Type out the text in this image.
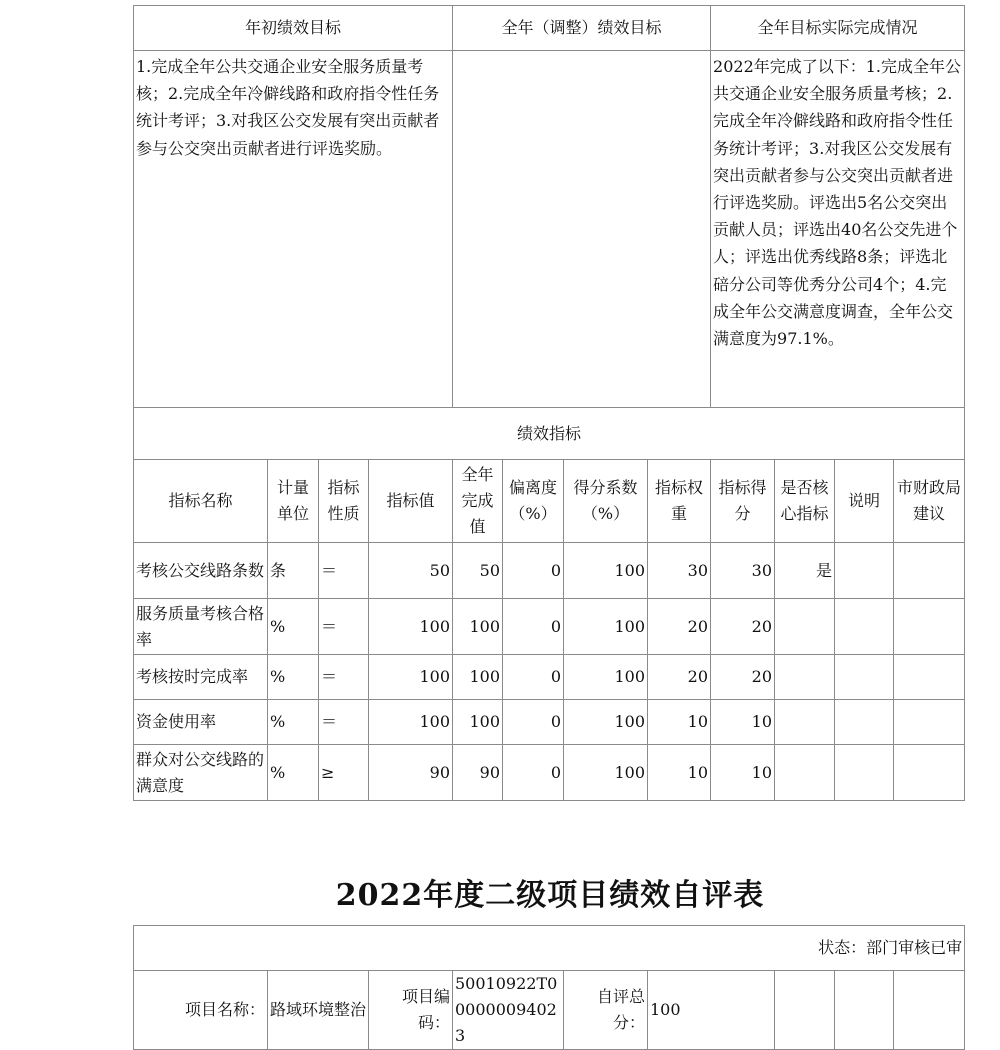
年初绩效目标				全年（调整）绩效目标				全年目标实际完成情况			
1.完成全年公共交通企业安全服务质量考核；2.完成全年冷僻线路和政府指令性任务统计考评；3.对我区公交发展有突出贡献者参与公交突出贡献者进行评选奖励。								2022年完成了以下：1.完成全年公共交通企业安全服务质量考核；2.完成全年冷僻线路和政府指令性任务统计考评；3.对我区公交发展有突出贡献者参与公交突出贡献者进行评选奖励。评选出5名公交突出贡献人员；评选出40名公交先进个人；评选出优秀线路8条；评选北碚分公司等优秀分公司4个；4.完成全年公交满意度调查，全年公交满意度为97.1%。			
绩效指标											
指标名称	计量单位	指标性质	指标值	全年完成值	偏离度（%）	得分系数（%）	指标权重	指标得分	是否核心指标	说明	市财政局建议
考核公交线路条数	条	＝	50	50	0	100	30	30	是		
服务质量考核合格率	%	＝	100	100	0	100	20	20			
考核按时完成率	%	＝	100	100	0	100	20	20			
资金使用率	%	＝	100	100	0	100	10	10			
群众对公交线路的满意度	%	≥	90	90	0	100	10	10			
2022年度二级项目绩效自评表
状态：部门审核已审
项目名称：	路域环境整治	项目编码：	50010922T000000094023	自评总分：	100			
